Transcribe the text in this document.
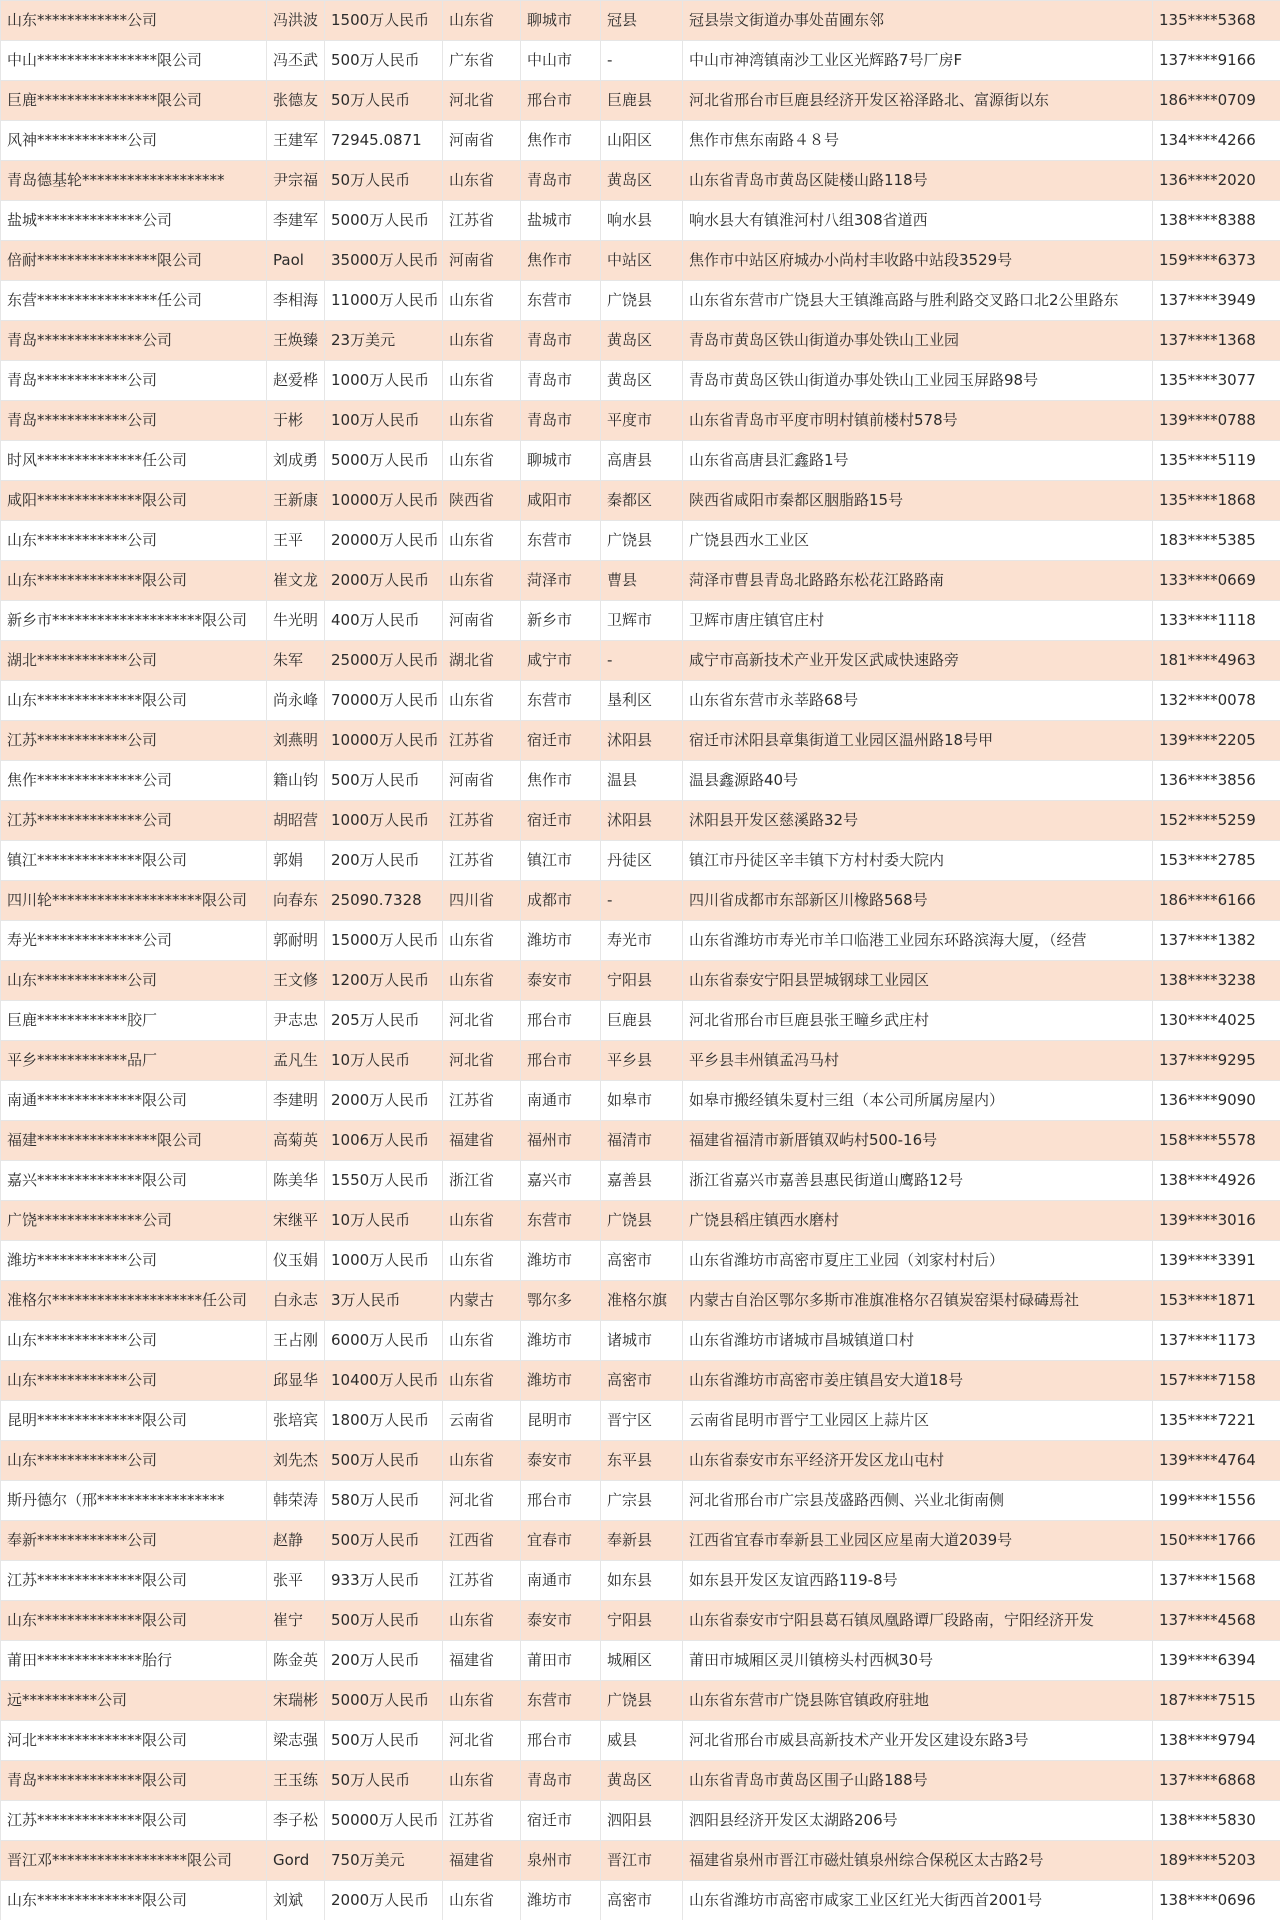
山东************公司	冯洪波	1500万人民币	山东省	聊城市	冠县	冠县崇文街道办事处苗圃东邻	135****5368
中山****************限公司	冯丕武	500万人民币	广东省	中山市	-	中山市神湾镇南沙工业区光辉路7号厂房F	137****9166
巨鹿****************限公司	张德友	50万人民币	河北省	邢台市	巨鹿县	河北省邢台市巨鹿县经济开发区裕泽路北、富源街以东	186****0709
风神************公司	王建军	72945.0871	河南省	焦作市	山阳区	焦作市焦东南路４８号	134****4266
青岛德基轮*******************	尹宗福	50万人民币	山东省	青岛市	黄岛区	山东省青岛市黄岛区陡楼山路118号	136****2020
盐城**************公司	李建军	5000万人民币	江苏省	盐城市	响水县	响水县大有镇淮河村八组308省道西	138****8388
倍耐****************限公司	Paol	35000万人民币	河南省	焦作市	中站区	焦作市中站区府城办小尚村丰收路中站段3529号	159****6373
东营****************任公司	李相海	11000万人民币	山东省	东营市	广饶县	山东省东营市广饶县大王镇潍高路与胜利路交叉路口北2公里路东	137****3949
青岛**************公司	王焕臻	23万美元	山东省	青岛市	黄岛区	青岛市黄岛区铁山街道办事处铁山工业园	137****1368
青岛************公司	赵爱桦	1000万人民币	山东省	青岛市	黄岛区	青岛市黄岛区铁山街道办事处铁山工业园玉屏路98号	135****3077
青岛************公司	于彬	100万人民币	山东省	青岛市	平度市	山东省青岛市平度市明村镇前楼村578号	139****0788
时风**************任公司	刘成勇	5000万人民币	山东省	聊城市	高唐县	山东省高唐县汇鑫路1号	135****5119
咸阳**************限公司	王新康	10000万人民币	陕西省	咸阳市	秦都区	陕西省咸阳市秦都区胭脂路15号	135****1868
山东************公司	王平	20000万人民币	山东省	东营市	广饶县	广饶县西水工业区	183****5385
山东**************限公司	崔文龙	2000万人民币	山东省	菏泽市	曹县	菏泽市曹县青岛北路路东松花江路路南	133****0669
新乡市********************限公司	牛光明	400万人民币	河南省	新乡市	卫辉市	卫辉市唐庄镇官庄村	133****1118
湖北************公司	朱军	25000万人民币	湖北省	咸宁市	-	咸宁市高新技术产业开发区武咸快速路旁	181****4963
山东**************限公司	尚永峰	70000万人民币	山东省	东营市	垦利区	山东省东营市永莘路68号	132****0078
江苏************公司	刘燕明	10000万人民币	江苏省	宿迁市	沭阳县	宿迁市沭阳县章集街道工业园区温州路18号甲	139****2205
焦作**************公司	籍山钧	500万人民币	河南省	焦作市	温县	温县鑫源路40号	136****3856
江苏**************公司	胡昭营	1000万人民币	江苏省	宿迁市	沭阳县	沭阳县开发区慈溪路32号	152****5259
镇江**************限公司	郭娟	200万人民币	江苏省	镇江市	丹徒区	镇江市丹徒区辛丰镇下方村村委大院内	153****2785
四川轮********************限公司	向春东	25090.7328	四川省	成都市	-	四川省成都市东部新区川橡路568号	186****6166
寿光**************公司	郭耐明	15000万人民币	山东省	潍坊市	寿光市	山东省潍坊市寿光市羊口临港工业园东环路滨海大厦，（经营	137****1382
山东************公司	王文修	1200万人民币	山东省	泰安市	宁阳县	山东省泰安宁阳县罡城钢球工业园区	138****3238
巨鹿************胶厂	尹志忠	205万人民币	河北省	邢台市	巨鹿县	河北省邢台市巨鹿县张王疃乡武庄村	130****4025
平乡************品厂	孟凡生	10万人民币	河北省	邢台市	平乡县	平乡县丰州镇孟冯马村	137****9295
南通**************限公司	李建明	2000万人民币	江苏省	南通市	如皋市	如皋市搬经镇朱夏村三组（本公司所属房屋内）	136****9090
福建****************限公司	高菊英	1006万人民币	福建省	福州市	福清市	福建省福清市新厝镇双屿村500-16号	158****5578
嘉兴**************限公司	陈美华	1550万人民币	浙江省	嘉兴市	嘉善县	浙江省嘉兴市嘉善县惠民街道山鹰路12号	138****4926
广饶**************公司	宋继平	10万人民币	山东省	东营市	广饶县	广饶县稻庄镇西水磨村	139****3016
潍坊************公司	仪玉娟	1000万人民币	山东省	潍坊市	高密市	山东省潍坊市高密市夏庄工业园（刘家村村后）	139****3391
准格尔********************任公司	白永志	3万人民币	内蒙古	鄂尔多	准格尔旗	内蒙古自治区鄂尔多斯市准旗准格尔召镇炭窑渠村碌碡焉社	153****1871
山东************公司	王占刚	6000万人民币	山东省	潍坊市	诸城市	山东省潍坊市诸城市昌城镇道口村	137****1173
山东************公司	邱显华	10400万人民币	山东省	潍坊市	高密市	山东省潍坊市高密市姜庄镇昌安大道18号	157****7158
昆明**************限公司	张培宾	1800万人民币	云南省	昆明市	晋宁区	云南省昆明市晋宁工业园区上蒜片区	135****7221
山东************公司	刘先杰	500万人民币	山东省	泰安市	东平县	山东省泰安市东平经济开发区龙山屯村	139****4764
斯丹德尔（邢*****************	韩荣涛	580万人民币	河北省	邢台市	广宗县	河北省邢台市广宗县茂盛路西侧、兴业北街南侧	199****1556
奉新************公司	赵静	500万人民币	江西省	宜春市	奉新县	江西省宜春市奉新县工业园区应星南大道2039号	150****1766
江苏**************限公司	张平	933万人民币	江苏省	南通市	如东县	如东县开发区友谊西路119-8号	137****1568
山东**************限公司	崔宁	500万人民币	山东省	泰安市	宁阳县	山东省泰安市宁阳县葛石镇凤凰路谭厂段路南，宁阳经济开发	137****4568
莆田**************胎行	陈金英	200万人民币	福建省	莆田市	城厢区	莆田市城厢区灵川镇榜头村西枫30号	139****6394
远**********公司	宋瑞彬	5000万人民币	山东省	东营市	广饶县	山东省东营市广饶县陈官镇政府驻地	187****7515
河北**************限公司	梁志强	500万人民币	河北省	邢台市	威县	河北省邢台市威县高新技术产业开发区建设东路3号	138****9794
青岛**************限公司	王玉练	50万人民币	山东省	青岛市	黄岛区	山东省青岛市黄岛区围子山路188号	137****6868
江苏**************限公司	李子松	50000万人民币	江苏省	宿迁市	泗阳县	泗阳县经济开发区太湖路206号	138****5830
晋江邓******************限公司	Gord	750万美元	福建省	泉州市	晋江市	福建省泉州市晋江市磁灶镇泉州综合保税区太古路2号	189****5203
山东**************限公司	刘斌	2000万人民币	山东省	潍坊市	高密市	山东省潍坊市高密市咸家工业区红光大街西首2001号	138****0696
